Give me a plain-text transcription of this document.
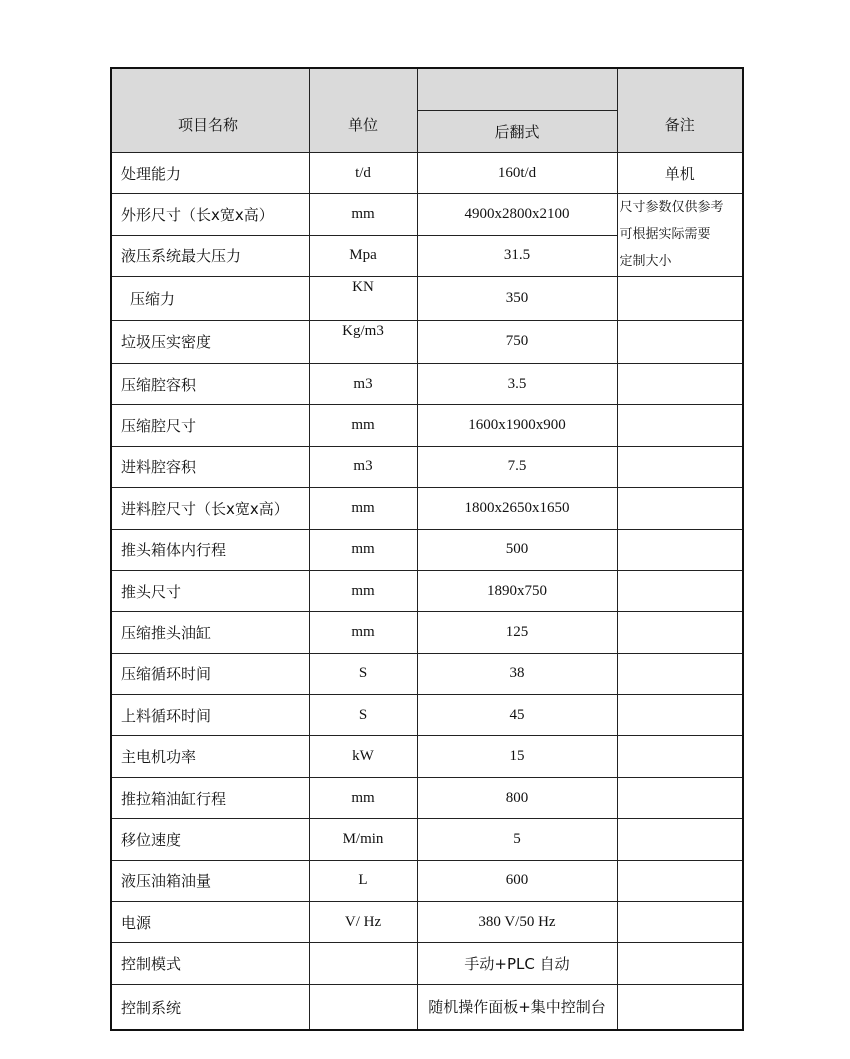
项目名称	单位		备注
		后翻式	
处理能力	t/d	160t/d	单机
外形尺寸（长x宽x高）	mm	4900x2800x2100	尺寸参数仅供参考
可根据实际需要
定制大小

液压系统最大压力	Mpa	31.5	
压缩力	KN	350	
垃圾压实密度	Kg/m3	750	
压缩腔容积	m3	3.5	
压缩腔尺寸	mm	1600x1900x900	
进料腔容积	m3	7.5	
进料腔尺寸（长x宽x高）	mm	1800x2650x1650	
推头箱体内行程	mm	500	
推头尺寸	mm	1890x750	
压缩推头油缸	mm	125	
压缩循环时间	S	38	
上料循环时间	S	45	
主电机功率	kW	15	
推拉箱油缸行程	mm	800	
移位速度	M/min	5	
液压油箱油量	L	600	
电源	V/ Hz	380 V/50 Hz	
控制模式		手动+PLC 自动	
控制系统		随机操作面板+集中控制台	
